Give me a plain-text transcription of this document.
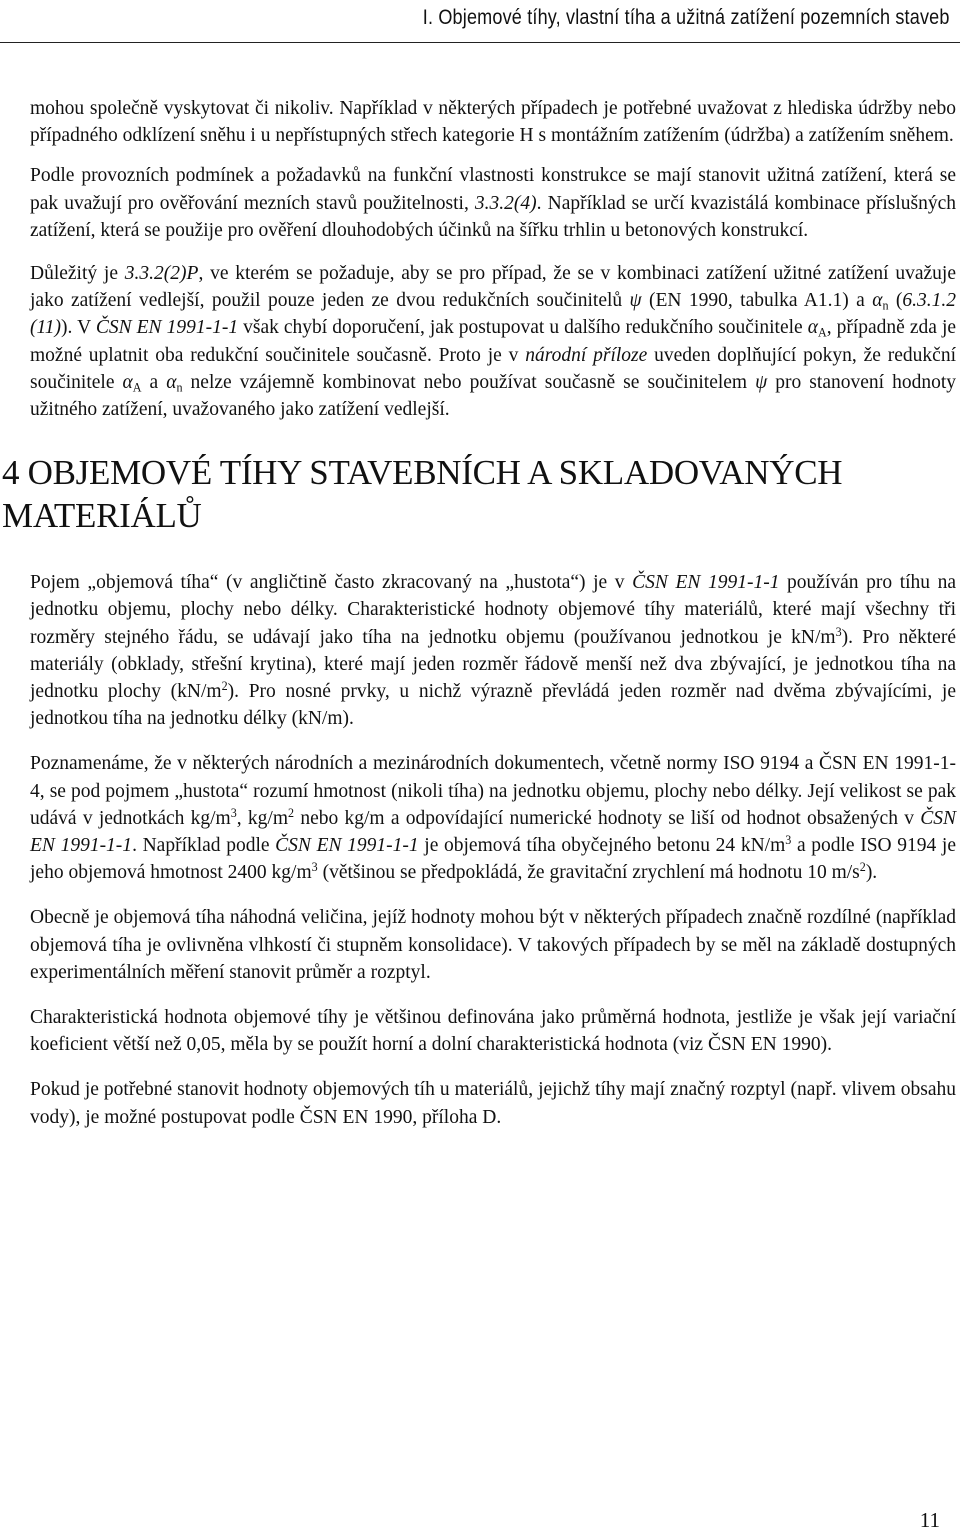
I. Objemové tíhy, vlastní tíha a užitná zatížení pozemních staveb

mohou společně vyskytovat či nikoliv. Například v některých případech je potřebné uvažovat z hlediska údržby nebo případného odklízení sněhu i u nepřístupných střech kategorie H s montážním zatížením (údržba) a zatížením sněhem.

Podle provozních podmínek a požadavků na funkční vlastnosti konstrukce se mají stanovit užitná zatížení, která se pak uvažují pro ověřování mezních stavů použitelnosti, 3.3.2(4). Například se určí kvazistálá kombinace příslušných zatížení, která se použije pro ověření dlouhodobých účinků na šířku trhlin u betonových konstrukcí.

Důležitý je 3.3.2(2)P, ve kterém se požaduje, aby se pro případ, že se v kombinaci zatížení užitné zatížení uvažuje jako zatížení vedlejší, použil pouze jeden ze dvou redukčních součinitelů ψ (EN 1990, tabulka A1.1) a $\alpha_n$ (6.3.1.2 (11)). V ČSN EN 1991-1-1 však chybí doporučení, jak postupovat u dalšího redukčního součinitele $\alpha_A$, případně zda je možné uplatnit oba redukční součinitele současně. Proto je v národní příloze uveden doplňující pokyn, že redukční součinitele $\alpha_A$ a $\alpha_n$ nelze vzájemně kombinovat nebo používat současně se součinitelem ψ pro stanovení hodnoty užitného zatížení, uvažovaného jako zatížení vedlejší.

4 OBJEMOVÉ TÍHY STAVEBNÍCH A SKLADOVANÝCH MATERIÁLŮ

Pojem „objemová tíha“ (v angličtině často zkracovaný na „hustota“) je v ČSN EN 1991-1-1 používán pro tíhu na jednotku objemu, plochy nebo délky. Charakteristické hodnoty objemové tíhy materiálů, které mají všechny tři rozměry stejného řádu, se udávají jako tíha na jednotku objemu (používanou jednotkou je $kN/m^3$). Pro některé materiály (obklady, střešní krytina), které mají jeden rozměr řádově menší než dva zbývající, je jednotkou tíha na jednotku plochy $(kN/m^2)$. Pro nosné prvky, u nichž výrazně převládá jeden rozměr nad dvěma zbývajícími, je jednotkou tíha na jednotku délky (kN/m).

Poznamenáme, že v některých národních a mezinárodních dokumentech, včetně normy ISO 9194 a ČSN EN 1991-1-4, se pod pojmem „hustota“ rozumí hmotnost (nikoli tíha) na jednotku objemu, plochy nebo délky. Její velikost se pak udává v jednotkách $kg/m^3$, $kg/m^2$ nebo kg/m a odpovídající numerické hodnoty se liší od hodnot obsažených v ČSN EN 1991-1-1. Například podle ČSN EN 1991-1-1 je objemová tíha obyčejného betonu 24 $kN/m^3$ a podle ISO 9194 je jeho objemová hmotnost 2400 $kg/m^3$ (většinou se předpokládá, že gravitační zrychlení má hodnotu 10 $m/s^2$).

Obecně je objemová tíha náhodná veličina, jejíž hodnoty mohou být v některých případech značně rozdílné (například objemová tíha je ovlivněna vlhkostí či stupněm konsolidace). V takových případech by se měl na základě dostupných experimentálních měření stanovit průměr a rozptyl.

Charakteristická hodnota objemové tíhy je většinou definována jako průměrná hodnota, jestliže je však její variační koeficient větší než 0,05, měla by se použít horní a dolní charakteristická hodnota (viz ČSN EN 1990).

Pokud je potřebné stanovit hodnoty objemových tíh u materiálů, jejichž tíhy mají značný rozptyl (např. vlivem obsahu vody), je možné postupovat podle ČSN EN 1990, příloha D.

11
